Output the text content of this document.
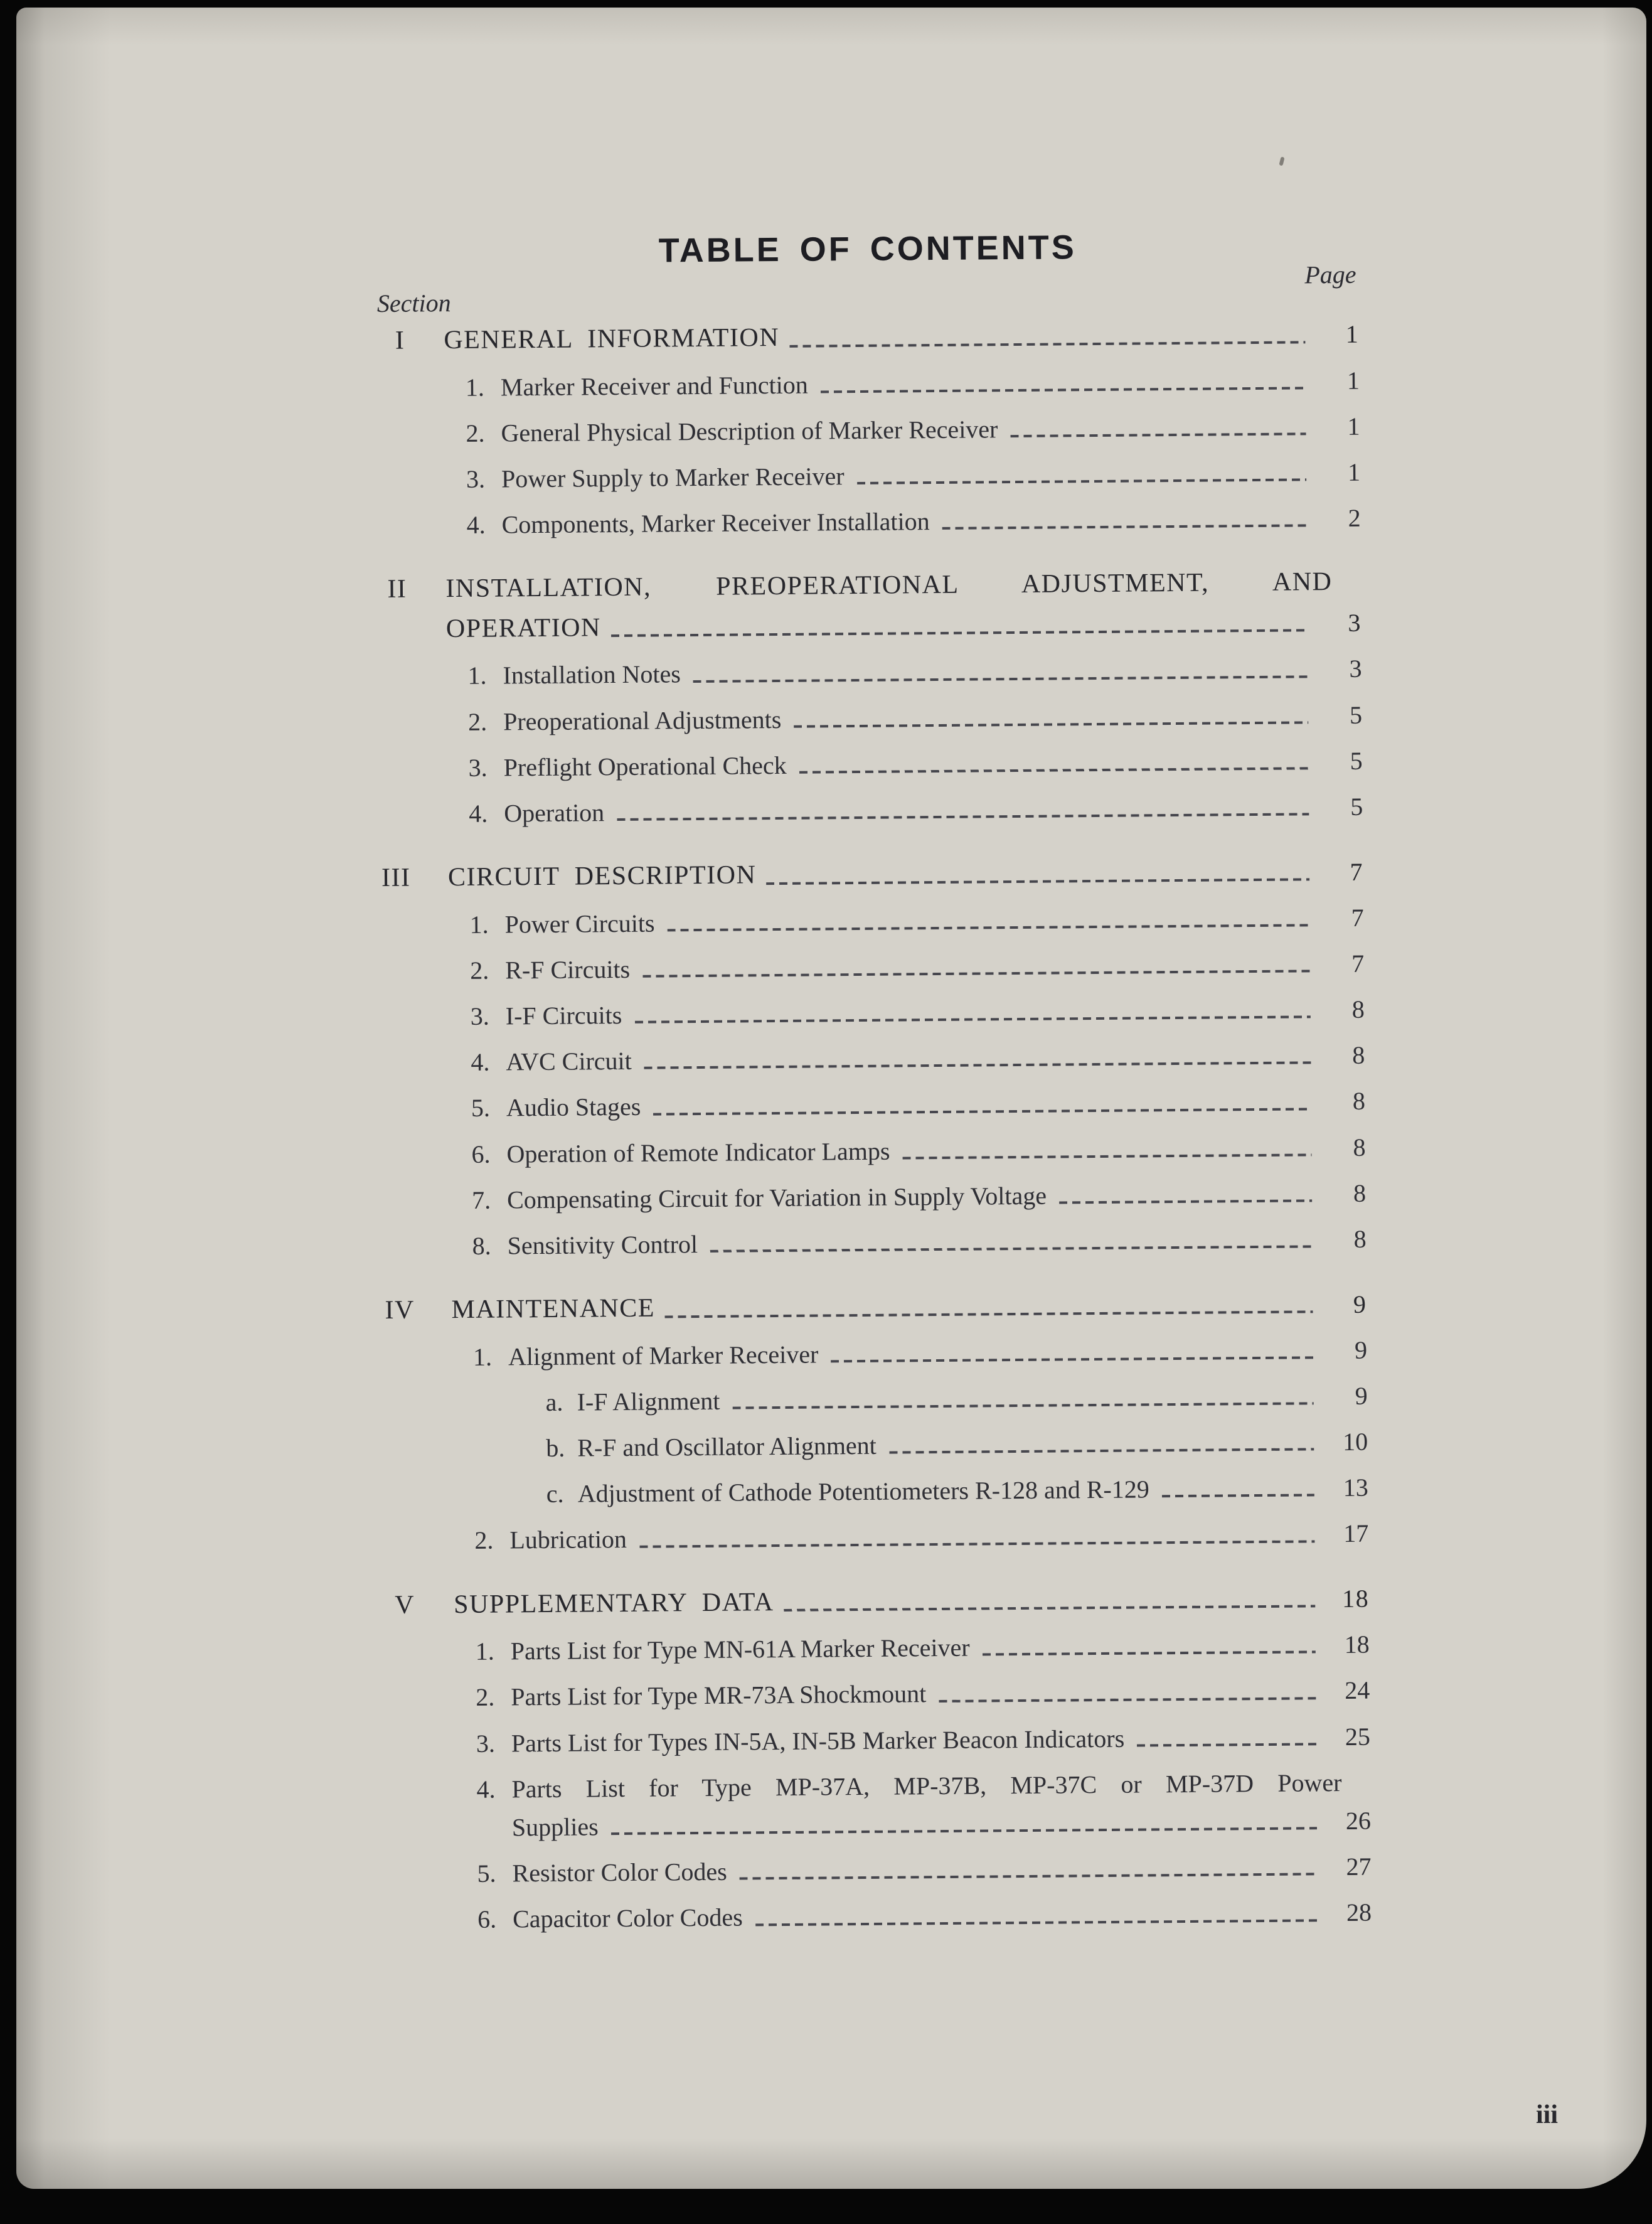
TABLE OF CONTENTS
Section
Page
I GENERAL INFORMATION	1
1. Marker Receiver and Function	1
2. General Physical Description of Marker Receiver	1
3. Power Supply to Marker Receiver	1
4. Components, Marker Receiver Installation	2
II INSTALLATION, PREOPERATIONAL ADJUSTMENT, AND
OPERATION	3
1. Installation Notes	3
2. Preoperational Adjustments	5
3. Preflight Operational Check	5
4. Operation	5
III CIRCUIT DESCRIPTION	7
1. Power Circuits	7
2. R-F Circuits	7
3. I-F Circuits	8
4. AVC Circuit	8
5. Audio Stages	8
6. Operation of Remote Indicator Lamps	8
7. Compensating Circuit for Variation in Supply Voltage	8
8. Sensitivity Control	8
IV MAINTENANCE	9
1. Alignment of Marker Receiver	9
a. I-F Alignment	9
b. R-F and Oscillator Alignment	10
c. Adjustment of Cathode Potentiometers R-128 and R-129	13
2. Lubrication	17
V SUPPLEMENTARY DATA	18
1. Parts List for Type MN-61A Marker Receiver	18
2. Parts List for Type MR-73A Shockmount	24
3. Parts List for Types IN-5A, IN-5B Marker Beacon Indicators	25
4. Parts List for Type MP-37A, MP-37B, MP-37C or MP-37D Power
Supplies	26
5. Resistor Color Codes	27
6. Capacitor Color Codes	28
iii
